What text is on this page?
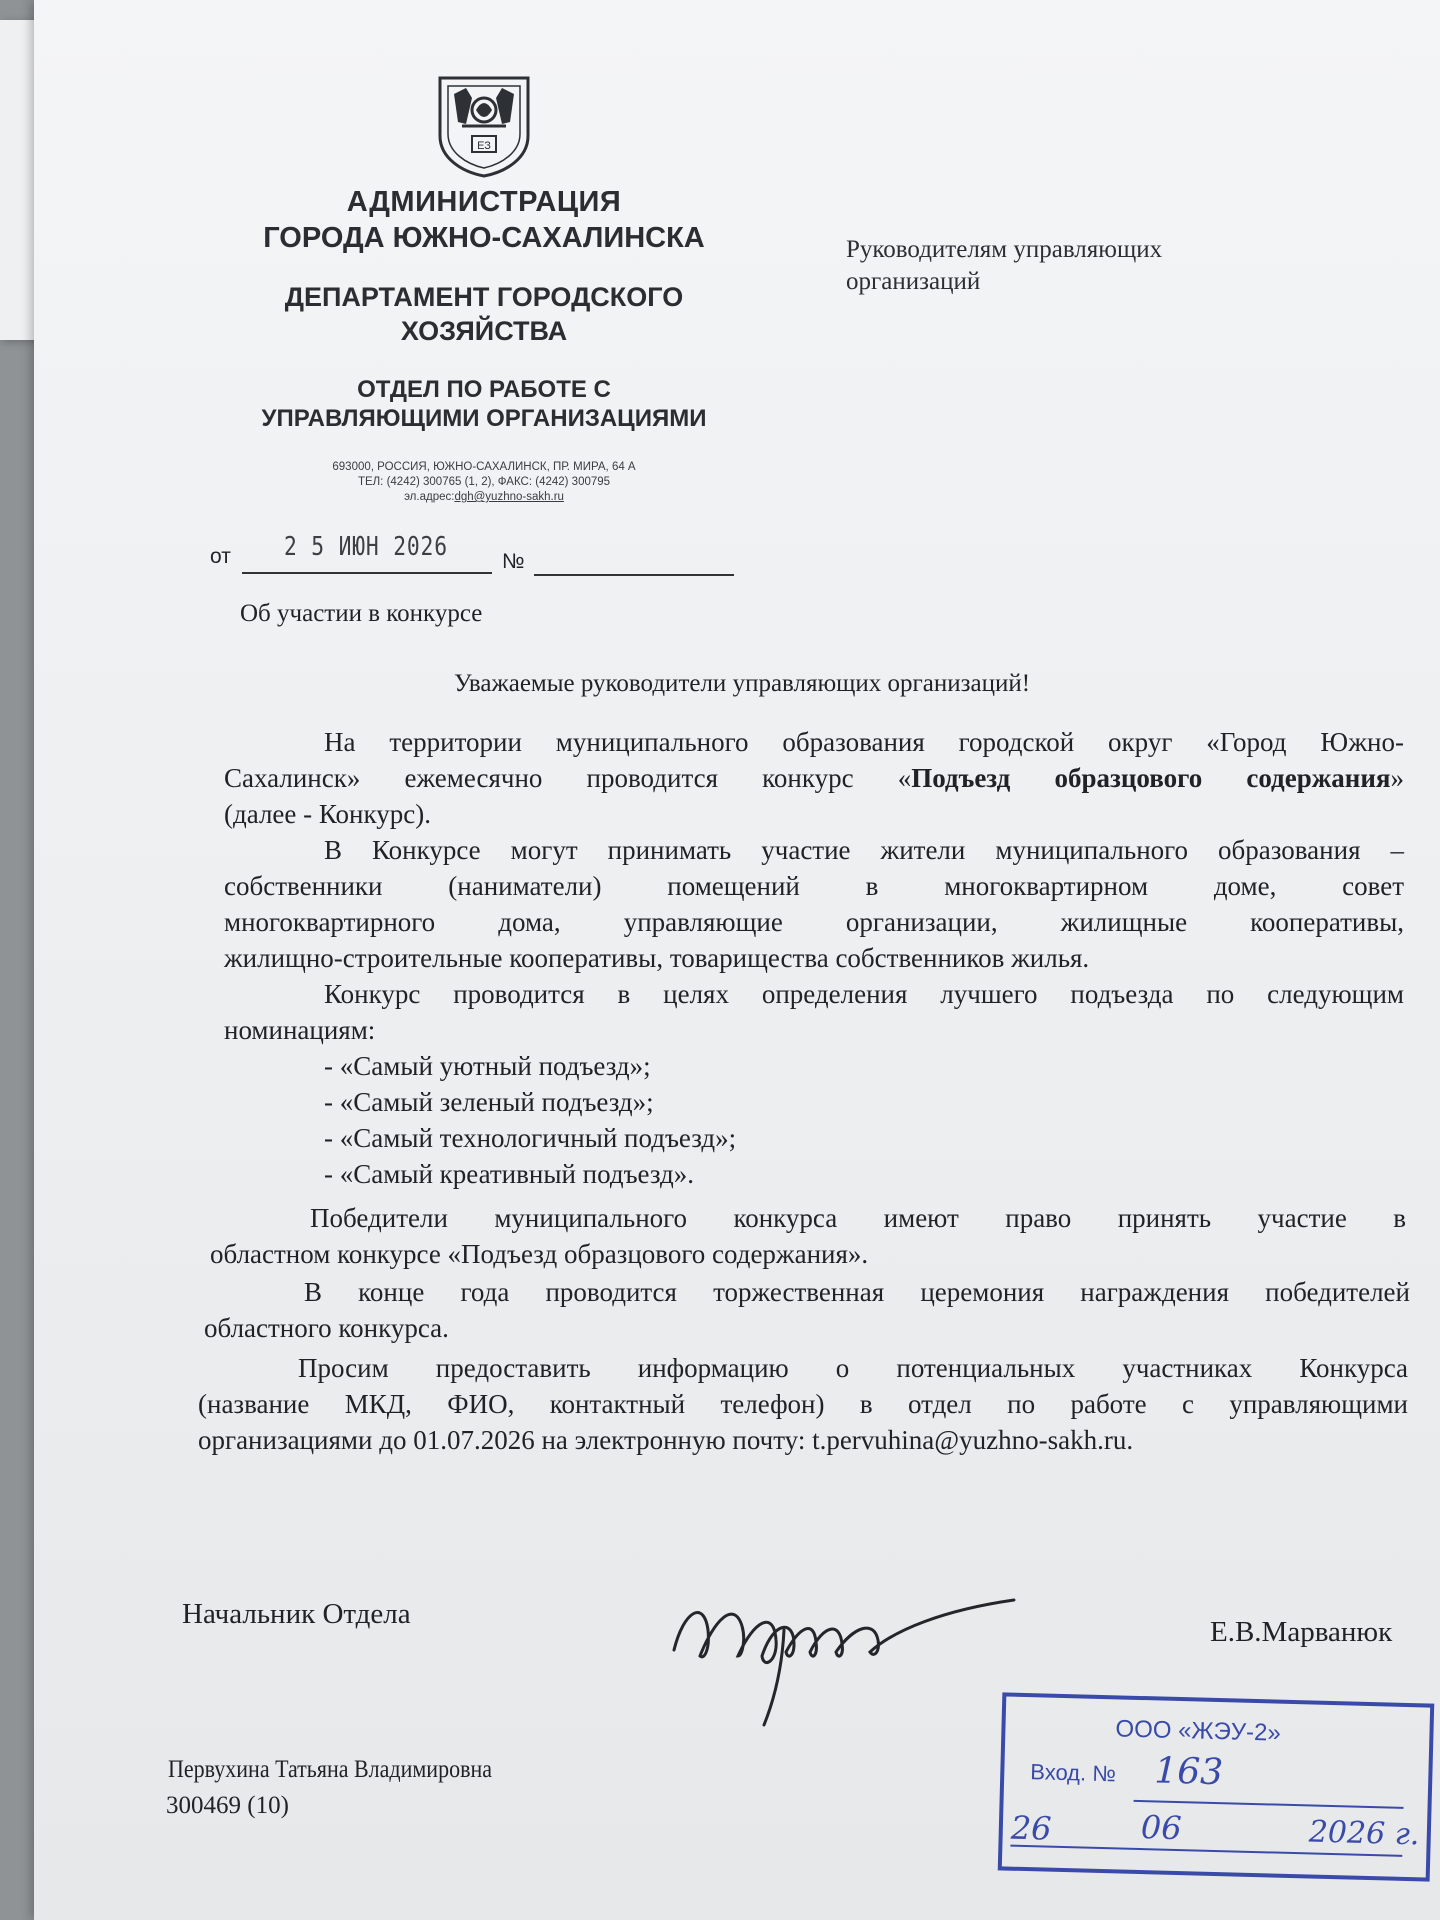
ЕЗ
АДМИНИСТРАЦИЯ
ГОРОДА ЮЖНО-САХАЛИНСКА
ДЕПАРТАМЕНТ ГОРОДСКОГО
ХОЗЯЙСТВА
ОТДЕЛ ПО РАБОТЕ С
УПРАВЛЯЮЩИМИ ОРГАНИЗАЦИЯМИ
693000, РОССИЯ, ЮЖНО-САХАЛИНСК, ПР. МИРА, 64 А
ТЕЛ: (4242) 300765 (1, 2), ФАКС: (4242) 300795
эл.адрес:dgh@yuzhno-sakh.ru
Руководителям управляющих
организаций
от 2 5 ИЮН 2026	№
Об участии в конкурсе
Уважаемые руководители управляющих организаций!
На территории муниципального образования городской округ «Город Южно-
Сахалинск» ежемесячно проводится конкурс «Подъезд образцового содержания»
(далее - Конкурс).
В Конкурсе могут принимать участие жители муниципального образования –
собственники (наниматели) помещений в многоквартирном доме, совет
многоквартирного дома, управляющие организации, жилищные кооперативы,
жилищно-строительные кооперативы, товарищества собственников жилья.
Конкурс проводится в целях определения лучшего подъезда по следующим
номинациям:
- «Самый уютный подъезд»;
- «Самый зеленый подъезд»;
- «Самый технологичный подъезд»;
- «Самый креативный подъезд».
Победители муниципального конкурса имеют право принять участие в
областном конкурсе «Подъезд образцового содержания».
В конце года проводится торжественная церемония награждения победителей
областного конкурса.
Просим предоставить информацию о потенциальных участниках Конкурса
(название МКД, ФИО, контактный телефон) в отдел по работе с управляющими
организациями до 01.07.2026 на электронную почту: t.pervuhina@yuzhno-sakh.ru.
Начальник Отдела
Е.В.Марванюк
Первухина Татьяна Владимировна
300469 (10)
ООО «ЖЭУ-2»
Вход. № 163
26	06	2026 г.
